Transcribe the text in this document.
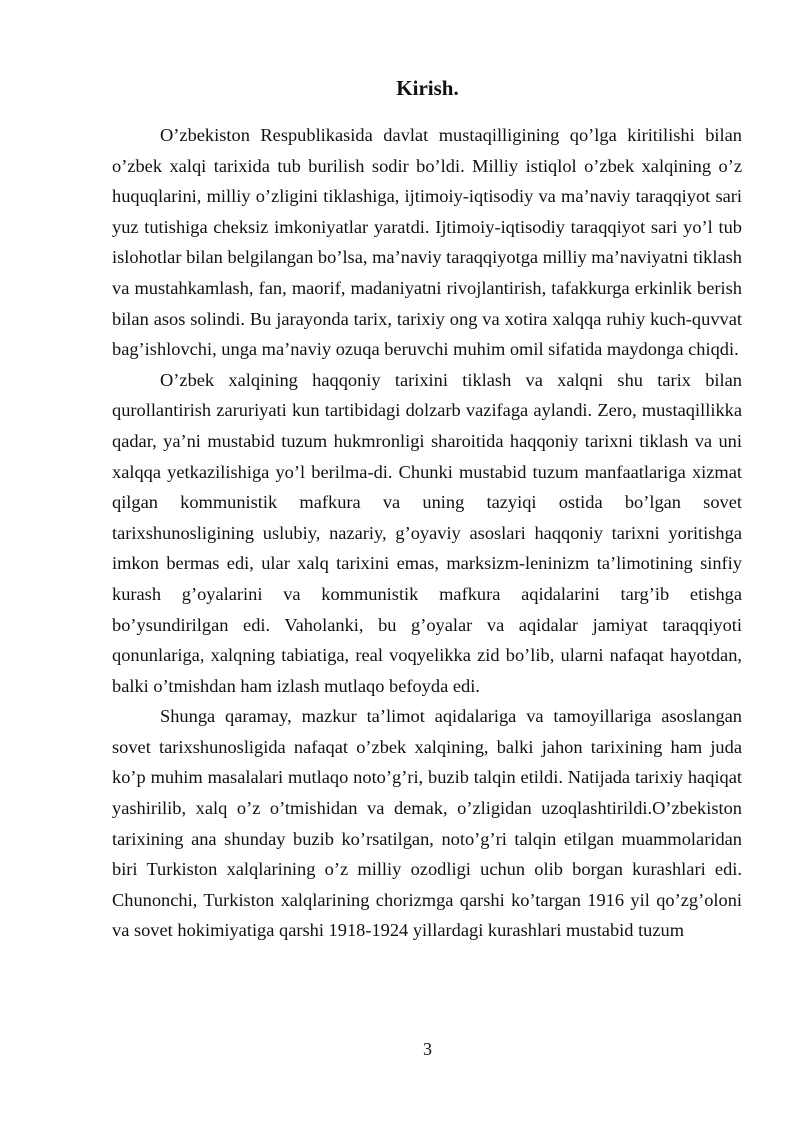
Kirish.

O’zbekiston Respublikasida davlat mustaqilligining qo’lga kiritilishi bilan o’zbek xalqi tarixida tub burilish sodir bo’ldi. Milliy istiqlol o’zbek xalqining o’z huquqlarini, milliy o’zligini tiklashiga, ijtimoiy-iqtisodiy va ma’naviy taraqqiyot sari yuz tutishiga cheksiz imkoniyatlar yaratdi. Ijtimoiy-iqtisodiy taraqqiyot sari yo’l tub islohotlar bilan belgilangan bo’lsa, ma’naviy taraqqiyotga milliy ma’naviyatni tiklash va mustahkamlash, fan, maorif, madaniyatni rivojlantirish, tafakkurga erkinlik berish bilan asos solindi. Bu jarayonda tarix, tarixiy ong va xotira xalqqa ruhiy kuch-quvvat bag’ishlovchi, unga ma’naviy ozuqa beruvchi muhim omil sifatida maydonga chiqdi.

O’zbek xalqining haqqoniy tarixini tiklash va xalqni shu tarix bilan qurollantirish zaruriyati kun tartibidagi dolzarb vazifaga aylandi. Zero, mustaqillikka qadar, ya’ni mustabid tuzum hukmronligi sharoitida haqqoniy tarixni tiklash va uni xalqqa yetkazilishiga yo’l berilma-di. Chunki mustabid tuzum manfaatlariga xizmat qilgan kommunistik mafkura va uning tazyiqi ostida bo’lgan sovet tarixshunosligining uslubiy, nazariy, g’oyaviy asoslari haqqoniy tarixni yoritishga imkon bermas edi, ular xalq tarixini emas, marksizm-leninizm ta’limotining sinfiy kurash g’oyalarini va kommunistik mafkura aqidalarini targ’ib etishga bo’ysundirilgan edi. Vaholanki, bu g’oyalar va aqidalar jamiyat taraqqiyoti qonunlariga, xalqning tabiatiga, real voqyelikka zid bo’lib, ularni nafaqat hayotdan, balki o’tmishdan ham izlash mutlaqo befoyda edi.

Shunga qaramay, mazkur ta’limot aqidalariga va tamoyillariga asoslangan sovet tarixshunosligida nafaqat o’zbek xalqining, balki jahon tarixining ham juda ko’p muhim masalalari mutlaqo noto’g’ri, buzib talqin etildi. Natijada tarixiy haqiqat yashirilib, xalq o’z o’tmishidan va demak, o’zligidan uzoqlashtirildi.O’zbekiston tarixining ana shunday buzib ko’rsatilgan, noto’g’ri talqin etilgan muammolaridan biri Turkiston xalqlarining o’z milliy ozodligi uchun olib borgan kurashlari edi. Chunonchi, Turkiston xalqlarining chorizmga qarshi ko’targan 1916 yil qo’zg’oloni va sovet hokimiyatiga qarshi 1918-1924 yillardagi kurashlari mustabid tuzum

3
